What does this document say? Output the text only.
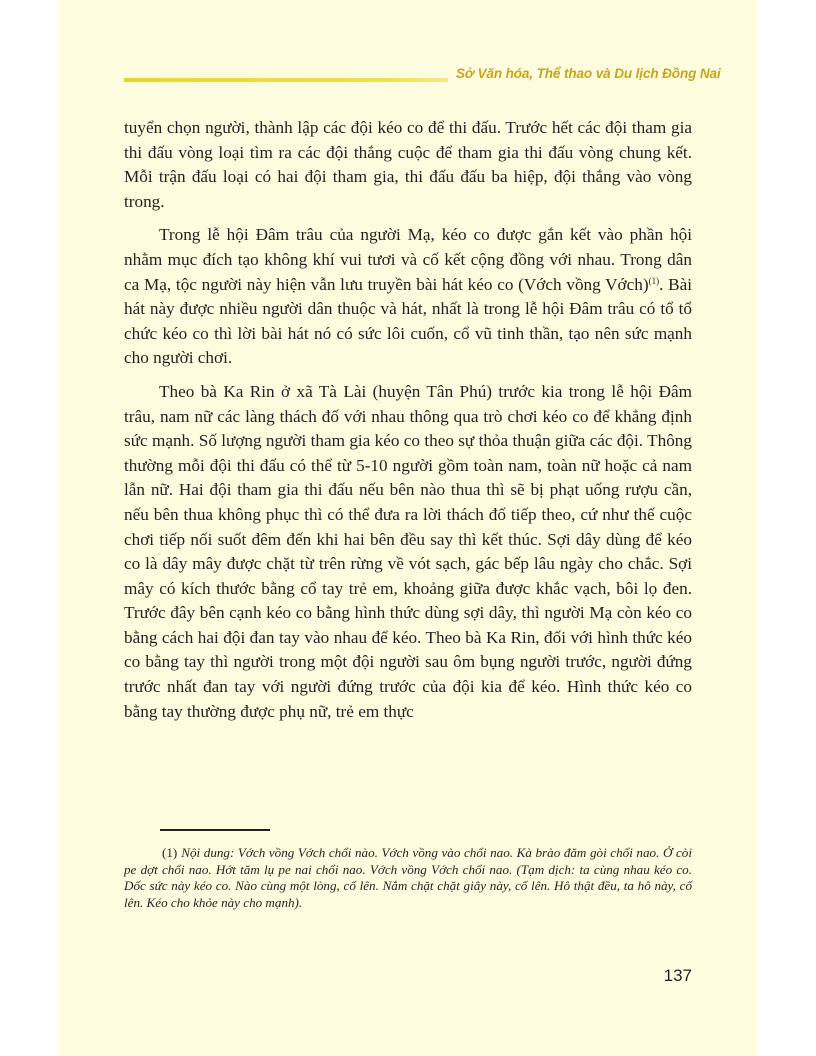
Sở Văn hóa, Thể thao và Du lịch Đồng Nai

tuyển chọn người, thành lập các đội kéo co để thi đấu. Trước hết các đội tham gia thi đấu vòng loại tìm ra các đội thắng cuộc để tham gia thi đấu vòng chung kết. Mỗi trận đấu loại có hai đội tham gia, thi đấu đấu ba hiệp, đội thắng vào vòng trong.

Trong lễ hội Đâm trâu của người Mạ, kéo co được gắn kết vào phần hội nhằm mục đích tạo không khí vui tươi và cố kết cộng đồng với nhau. Trong dân ca Mạ, tộc người này hiện vẫn lưu truyền bài hát kéo co (Vớch vồng Vớch)$^{(1)}$. Bài hát này được nhiều người dân thuộc và hát, nhất là trong lễ hội Đâm trâu có tổ tổ chức kéo co thì lời bài hát nó có sức lôi cuốn, cổ vũ tinh thần, tạo nên sức mạnh cho người chơi.

Theo bà Ka Rin ở xã Tà Lài (huyện Tân Phú) trước kia trong lễ hội Đâm trâu, nam nữ các làng thách đố với nhau thông qua trò chơi kéo co để khẳng định sức mạnh. Số lượng người tham gia kéo co theo sự thỏa thuận giữa các đội. Thông thường mỗi đội thi đấu có thể từ 5-10 người gồm toàn nam, toàn nữ hoặc cả nam lẫn nữ. Hai đội tham gia thi đấu nếu bên nào thua thì sẽ bị phạt uống rượu cần, nếu bên thua không phục thì có thể đưa ra lời thách đố tiếp theo, cứ như thế cuộc chơi tiếp nối suốt đêm đến khi hai bên đều say thì kết thúc. Sợi dây dùng để kéo co là dây mây được chặt từ trên rừng về vót sạch, gác bếp lâu ngày cho chắc. Sợi mây có kích thước bằng cổ tay trẻ em, khoảng giữa được khắc vạch, bôi lọ đen. Trước đây bên cạnh kéo co bằng hình thức dùng sợi dây, thì người Mạ còn kéo co bằng cách hai đội đan tay vào nhau để kéo. Theo bà Ka Rin, đối với hình thức kéo co bằng tay thì người trong một đội người sau ôm bụng người trước, người đứng trước nhất đan tay với người đứng trước của đội kia để kéo. Hình thức kéo co bằng tay thường được phụ nữ, trẻ em thực

(1) Nội dung: Vớch vồng Vớch chổi nào. Vớch vồng vào chổi nao. Kà brào đăm gòi chổi nao. Ở còi pe dợt chổi nao. Hớt tăm lụ pe nai chổi nao. Vớch vồng Vớch chổi nao. (Tạm dịch: ta cùng nhau kéo co. Dốc sức này kéo co. Nào cùng một lòng, cố lên. Nắm chặt chặt giây này, cố lên. Hô thật đều, ta hô này, cố lên. Kéo cho khỏe này cho mạnh).
137
